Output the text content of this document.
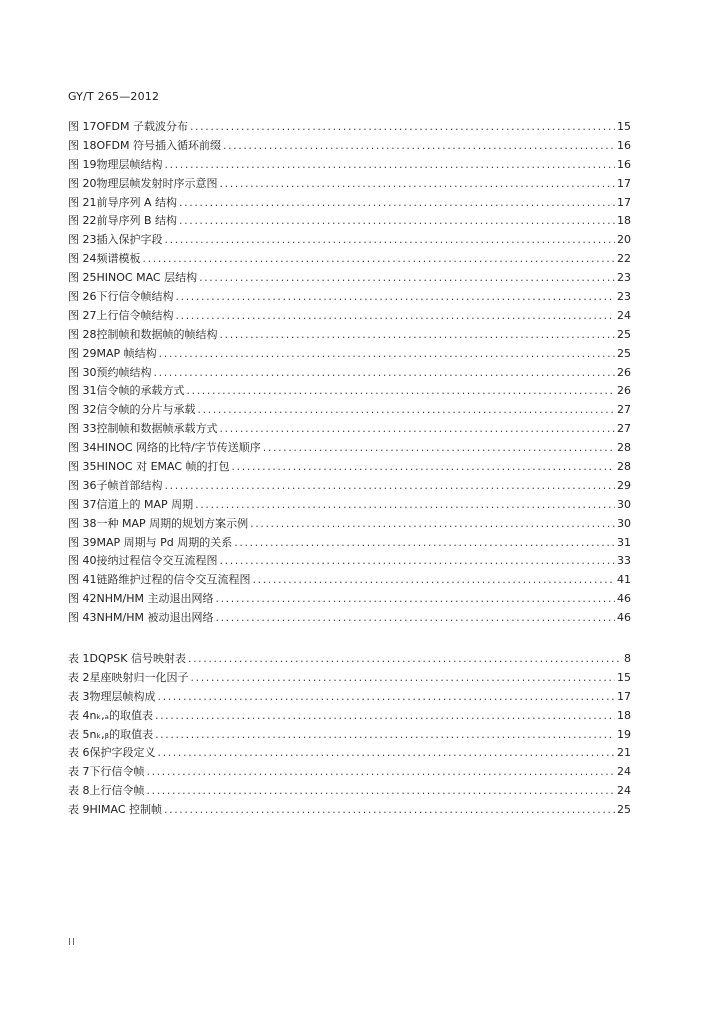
GY/T 265—2012
图 17 OFDM 子载波分布 .....	15
图 18 OFDM 符号插入循环前缀 .....	16
图 19 物理层帧结构 .....	16
图 20 物理层帧发射时序示意图 .....	17
图 21 前导序列 A 结构 .....	17
图 22 前导序列 B 结构 .....	18
图 23 插入保护字段 .....	20
图 24 频谱模板 .....	22
图 25 HINOC MAC 层结构 .....	23
图 26 下行信令帧结构 .....	23
图 27 上行信令帧结构 .....	24
图 28 控制帧和数据帧的帧结构 .....	25
图 29 MAP 帧结构 .....	25
图 30 预约帧结构 .....	26
图 31 信令帧的承载方式 .....	26
图 32 信令帧的分片与承载 .....	27
图 33 控制帧和数据帧承载方式 .....	27
图 34 HINOC 网络的比特/字节传送顺序 .....	28
图 35 HINOC 对 EMAC 帧的打包 .....	28
图 36 子帧首部结构 .....	29
图 37 信道上的 MAP 周期 .....	30
图 38 一种 MAP 周期的规划方案示例 .....	30
图 39 MAP 周期与 Pd 周期的关系 .....	31
图 40 接纳过程信令交互流程图 .....	33
图 41 链路维护过程的信令交互流程图 .....	41
图 42 NHM/HM 主动退出网络 .....	46
图 43 NHM/HM 被动退出网络 .....	46
表 1 DQPSK 信号映射表 .....	8
表 2 星座映射归一化因子 .....	15
表 3 物理层帧构成 .....	17
表 4 nₖ,ₐ的取值表 .....	18
表 5 nₖ,ᵦ的取值表 .....	19
表 6 保护字段定义 .....	21
表 7 下行信令帧 .....	24
表 8 上行信令帧 .....	24
表 9 HIMAC 控制帧 .....	25
II
